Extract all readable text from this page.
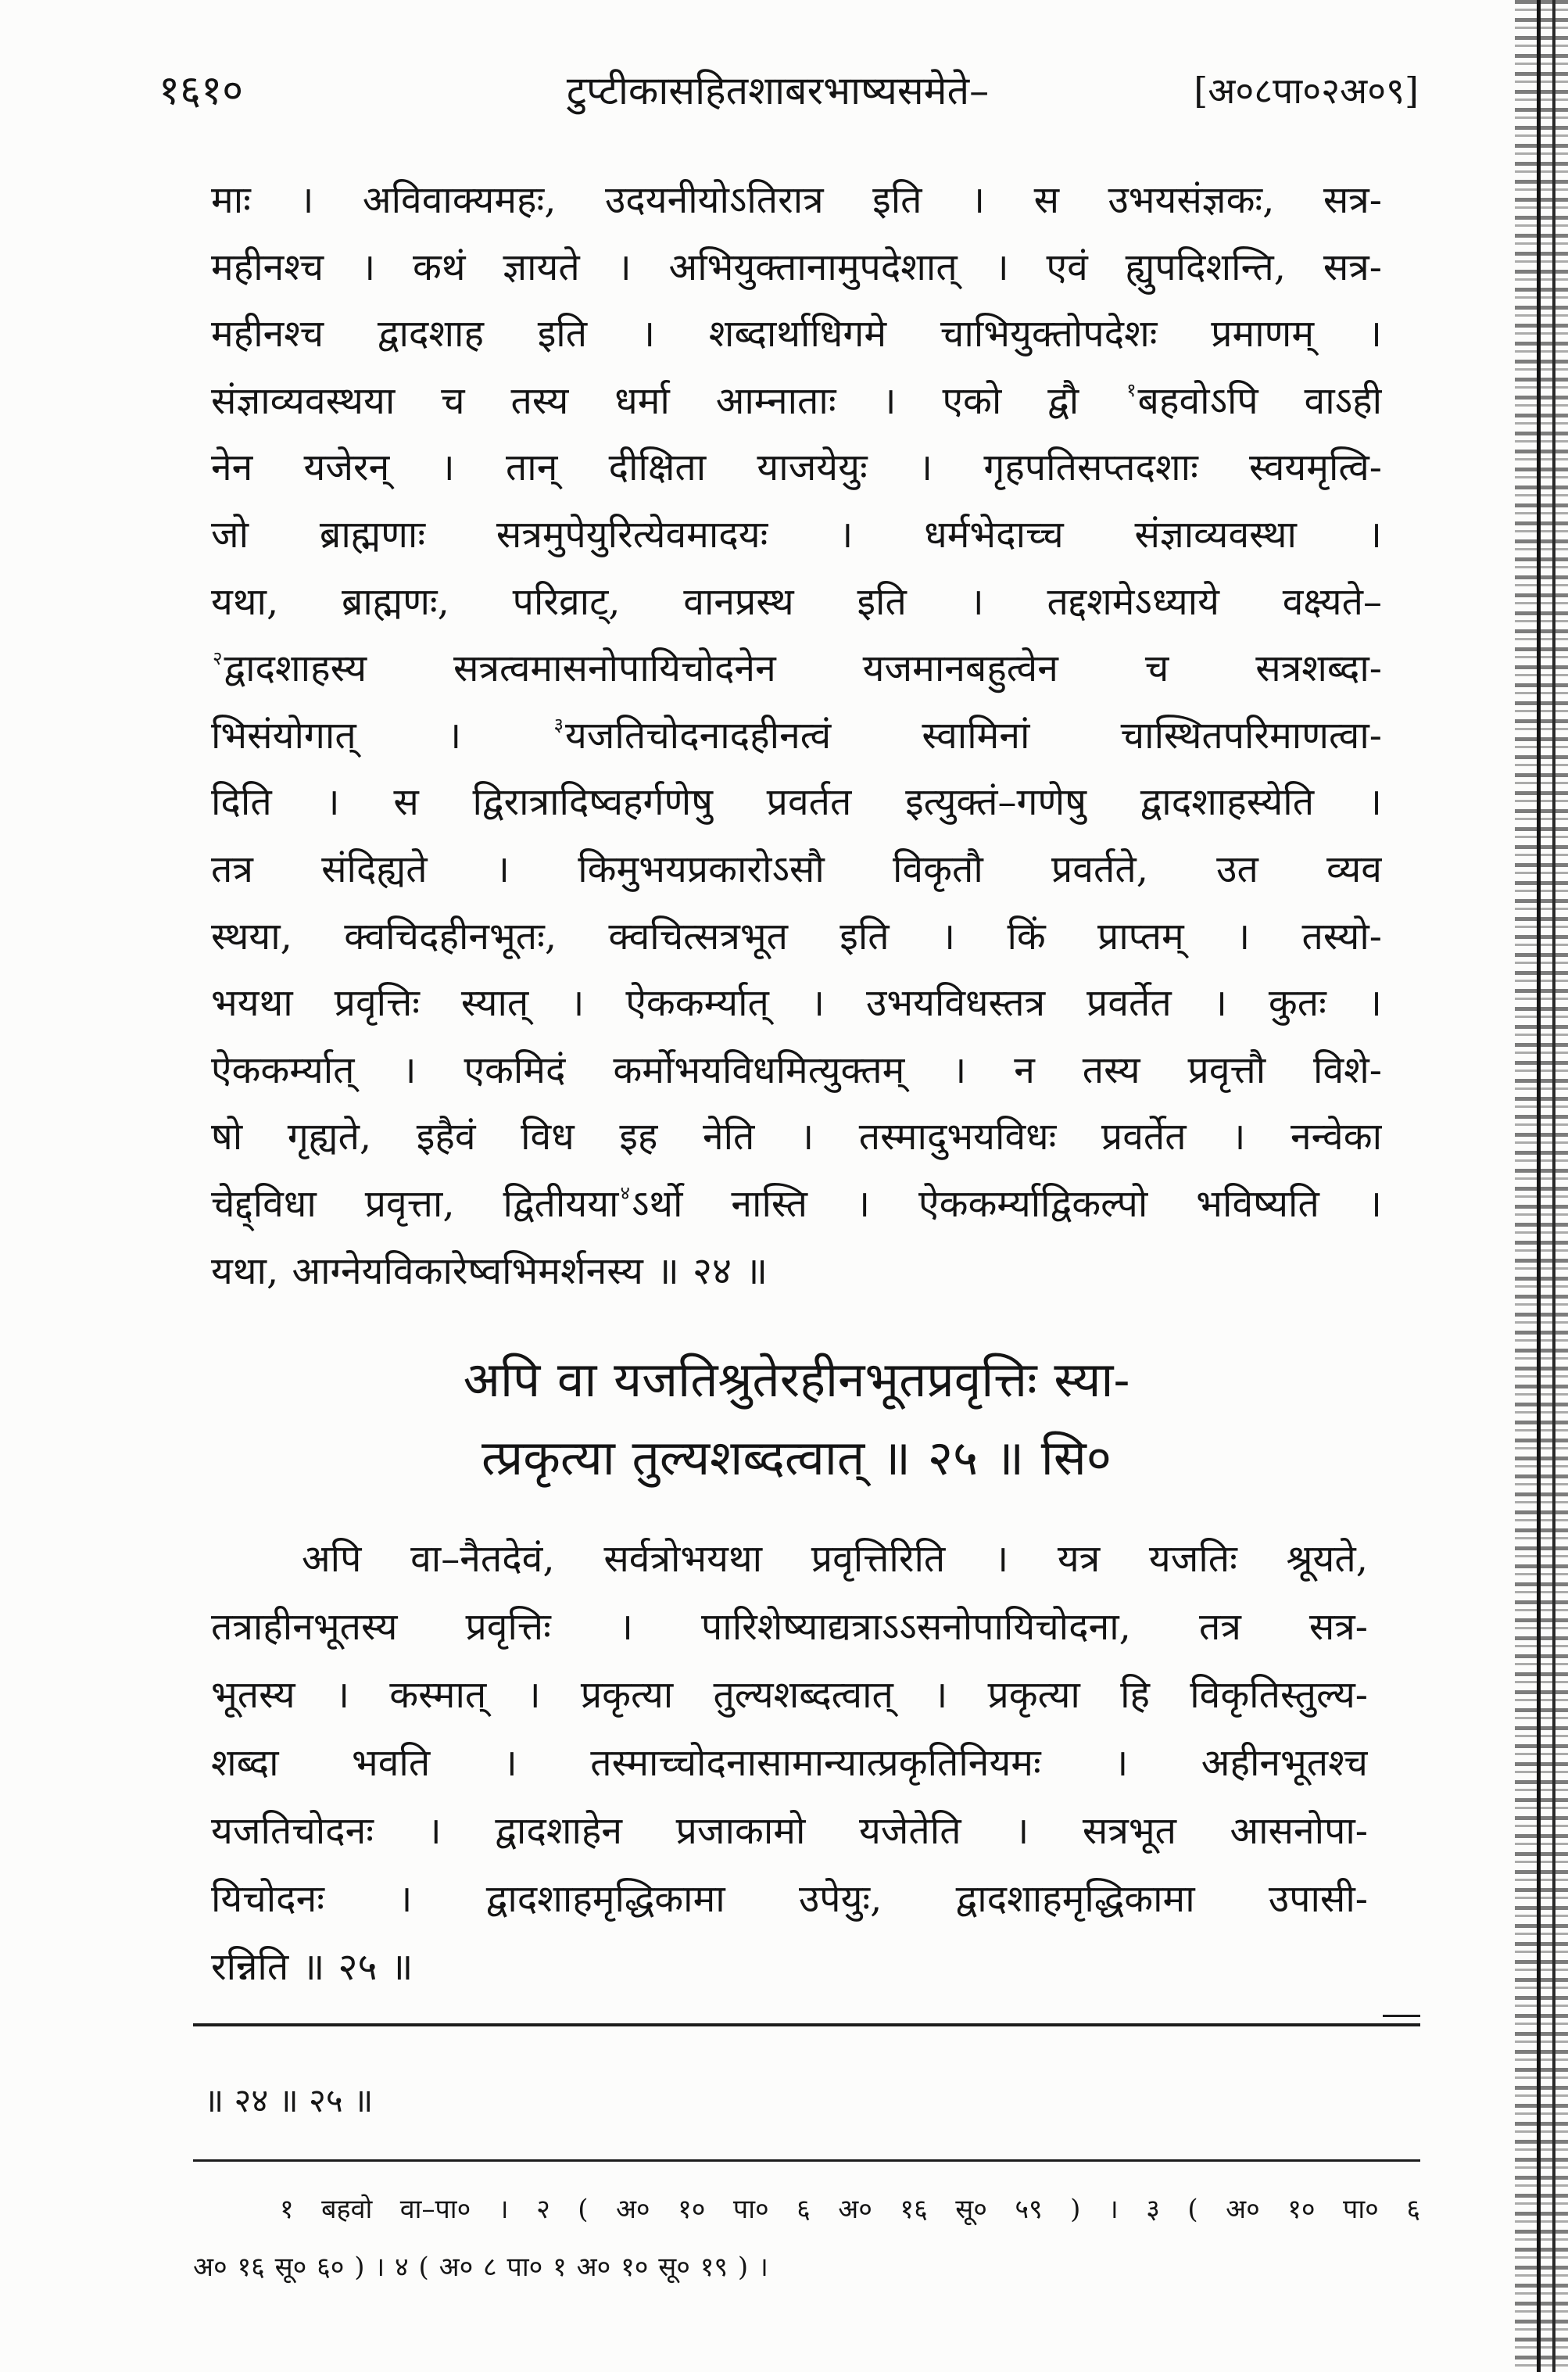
१६१०	टुप्टीकासहितशाबरभाष्यसमेते–	[अ०८पा०२अ०९]
माः । अविवाक्यमहः, उदयनीयोऽतिरात्र इति । स उभयसंज्ञकः, सत्र-
महीनश्च । कथं ज्ञायते । अभियुक्तानामुपदेशात् । एवं ह्युपदिशन्ति, सत्र-
महीनश्च द्वादशाह इति । शब्दार्थाधिगमे चाभियुक्तोपदेशः प्रमाणम् ।
संज्ञाव्यवस्थया च तस्य धर्मा आम्नाताः । एको द्वौ $^१$बहवोऽपि वाऽही
नेन यजेरन् । तान् दीक्षिता याजयेयुः । गृहपतिसप्तदशाः स्वयमृत्वि-
जो ब्राह्मणाः सत्रमुपेयुरित्येवमादयः । धर्मभेदाच्च संज्ञाव्यवस्था ।
यथा, ब्राह्मणः, परिव्राट्, वानप्रस्थ इति । तद्दशमेऽध्याये वक्ष्यते–
$^२$द्वादशाहस्य सत्रत्वमासनोपायिचोदनेन यजमानबहुत्वेन च सत्रशब्दा-
भिसंयोगात् । $^३$यजतिचोदनादहीनत्वं स्वामिनां चास्थितपरिमाणत्वा-
दिति । स द्विरात्रादिष्वहर्गणेषु प्रवर्तत इत्युक्तं–गणेषु द्वादशाहस्येति ।
तत्र संदिह्यते । किमुभयप्रकारोऽसौ विकृतौ प्रवर्तते, उत व्यव
स्थया, क्वचिदहीनभूतः, क्वचित्सत्रभूत इति । किं प्राप्तम् । तस्यो-
भयथा प्रवृत्तिः स्यात् । ऐककर्म्यात् । उभयविधस्तत्र प्रवर्तेत । कुतः ।
ऐककर्म्यात् । एकमिदं कर्मोभयविधमित्युक्तम् । न तस्य प्रवृत्तौ विशे-
षो गृह्यते, इहैवं विध इह नेति । तस्मादुभयविधः प्रवर्तेत । नन्वेका
चेद्द्विधा प्रवृत्ता, द्वितीयया$^४$ऽर्थो नास्ति । ऐककर्म्याद्विकल्पो भविष्यति ।
यथा, आग्नेयविकारेष्वभिमर्शनस्य ॥ २४ ॥
अपि वा यजतिश्रुतेरहीनभूतप्रवृत्तिः स्या-
त्प्रकृत्या तुल्यशब्दत्वात् ॥ २५ ॥ सि०
अपि वा–नैतदेवं, सर्वत्रोभयथा प्रवृत्तिरिति । यत्र यजतिः श्रूयते,
तत्राहीनभूतस्य प्रवृत्तिः । पारिशेष्याद्यत्राऽऽसनोपायिचोदना, तत्र सत्र-
भूतस्य । कस्मात् । प्रकृत्या तुल्यशब्दत्वात् । प्रकृत्या हि विकृतिस्तुल्य-
शब्दा भवति । तस्माच्चोदनासामान्यात्प्रकृतिनियमः । अहीनभूतश्च
यजतिचोदनः । द्वादशाहेन प्रजाकामो यजेतेति । सत्रभूत आसनोपा-
यिचोदनः । द्वादशाहमृद्धिकामा उपेयुः, द्वादशाहमृद्धिकामा उपासी-
रन्निति ॥ २५ ॥
॥ २४ ॥ २५ ॥
१ बहवो वा–पा० । २ ( अ० १० पा० ६ अ० १६ सू० ५९ ) । ३ ( अ० १० पा० ६
अ० १६ सू० ६० ) । ४ ( अ० ८ पा० १ अ० १० सू० १९ ) ।
